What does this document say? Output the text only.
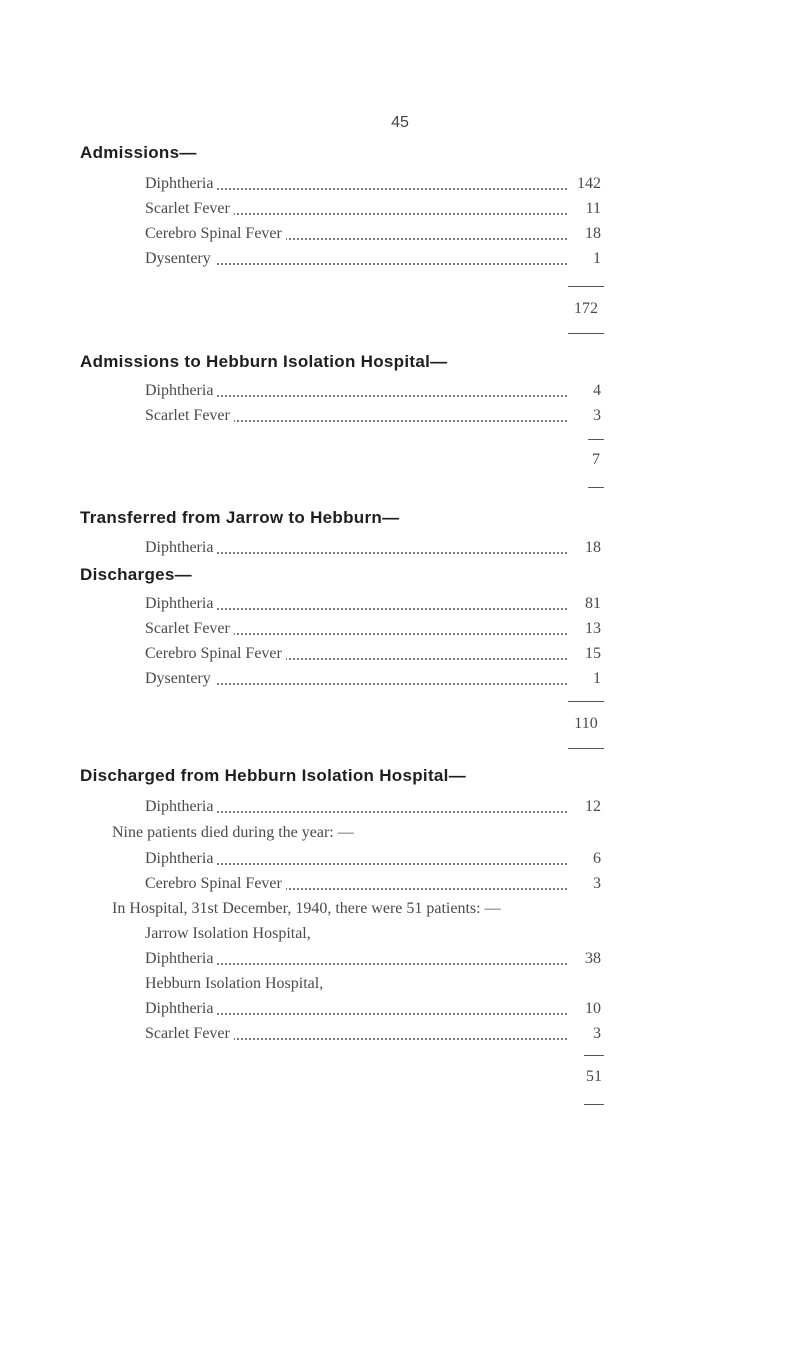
45
Admissions—
Diphtheria	142
Scarlet Fever	11
Cerebro Spinal Fever	18
Dysentery	1
172
Admissions to Hebburn Isolation Hospital—
Diphtheria	4
Scarlet Fever	3
7
Transferred from Jarrow to Hebburn—
Diphtheria	18
Discharges—
Diphtheria	81
Scarlet Fever	13
Cerebro Spinal Fever	15
Dysentery	1
110
Discharged from Hebburn Isolation Hospital—
Diphtheria	12
Nine patients died during the year: —
Diphtheria	6
Cerebro Spinal Fever	3
In Hospital, 31st December, 1940, there were 51 patients: —
Jarrow Isolation Hospital,
Diphtheria	38
Hebburn Isolation Hospital,
Diphtheria	10
Scarlet Fever	3
51
